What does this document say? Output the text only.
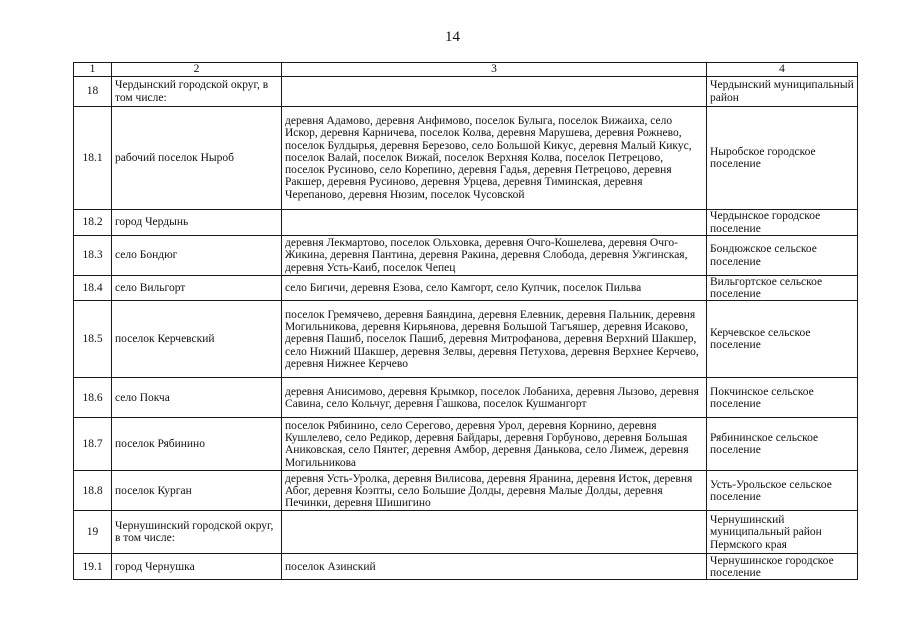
14
1	2	3	4
18	Чердынский городской округ, в том числе:		Чердынский муниципальный район
18.1	рабочий поселок Ныроб	деревня Адамово, деревня Анфимово, поселок Булыга, поселок Вижаиха, село Искор, деревня Карничева, поселок Колва, деревня Марушева, деревня Рожнево, поселок Булдырья, деревня Березово, село Большой Кикус, деревня Малый Кикус, поселок Валай, поселок Вижай, поселок Верхняя Колва, поселок Петрецово, поселок Русиново, село Корепино, деревня Гадья, деревня Петрецово, деревня Ракшер, деревня Русиново, деревня Урцева, деревня Тиминская, деревня Черепаново, деревня Нюзим, поселок Чусовской	Ныробское городское поселение
18.2	город Чердынь		Чердынское городское поселение
18.3	село Бондюг	деревня Лекмартово, поселок Ольховка, деревня Очго-Кошелева, деревня Очго-Жикина, деревня Пантина, деревня Ракина, деревня Слобода, деревня Ужгинская, деревня Усть-Каиб, поселок Чепец	Бондюжское сельское поселение
18.4	село Вильгорт	село Бигичи, деревня Езова, село Камгорт, село Купчик, поселок Пильва	Вильгортское сельское поселение
18.5	поселок Керчевский	поселок Гремячево, деревня Баяндина, деревня Елевник, деревня Пальник, деревня Могильникова, деревня Кирьянова, деревня Большой Тагъяшер, деревня Исаково, деревня Пашиб, поселок Пашиб, деревня Митрофанова, деревня Верхний Шакшер, село Нижний Шакшер, деревня Зелвы, деревня Петухова, деревня Верхнее Керчево, деревня Нижнее Керчево	Керчевское сельское поселение
18.6	село Покча	деревня Анисимово, деревня Крымкор, поселок Лобаниха, деревня Лызово, деревня Савина, село Кольчуг, деревня Гашкова, поселок Кушмангорт	Покчинское сельское поселение
18.7	поселок Рябинино	поселок Рябинино, село Серегово, деревня Урол, деревня Корнино, деревня Кушлелево, село Редикор, деревня Байдары, деревня Горбуново, деревня Большая Аниковская, село Пянтег, деревня Амбор, деревня Данькова, село Лимеж, деревня Могильникова	Рябининское сельское поселение
18.8	поселок Курган	деревня Усть-Уролка, деревня Вилисова, деревня Яранина, деревня Исток, деревня Абог, деревня Коэпты, село Большие Долды, деревня Малые Долды, деревня Печинки, деревня Шишигино	Усть-Урольское сельское поселение
19	Чернушинский городской округ, в том числе:		Чернушинский муниципальный район Пермского края
19.1	город Чернушка	поселок Азинский	Чернушинское городское поселение
